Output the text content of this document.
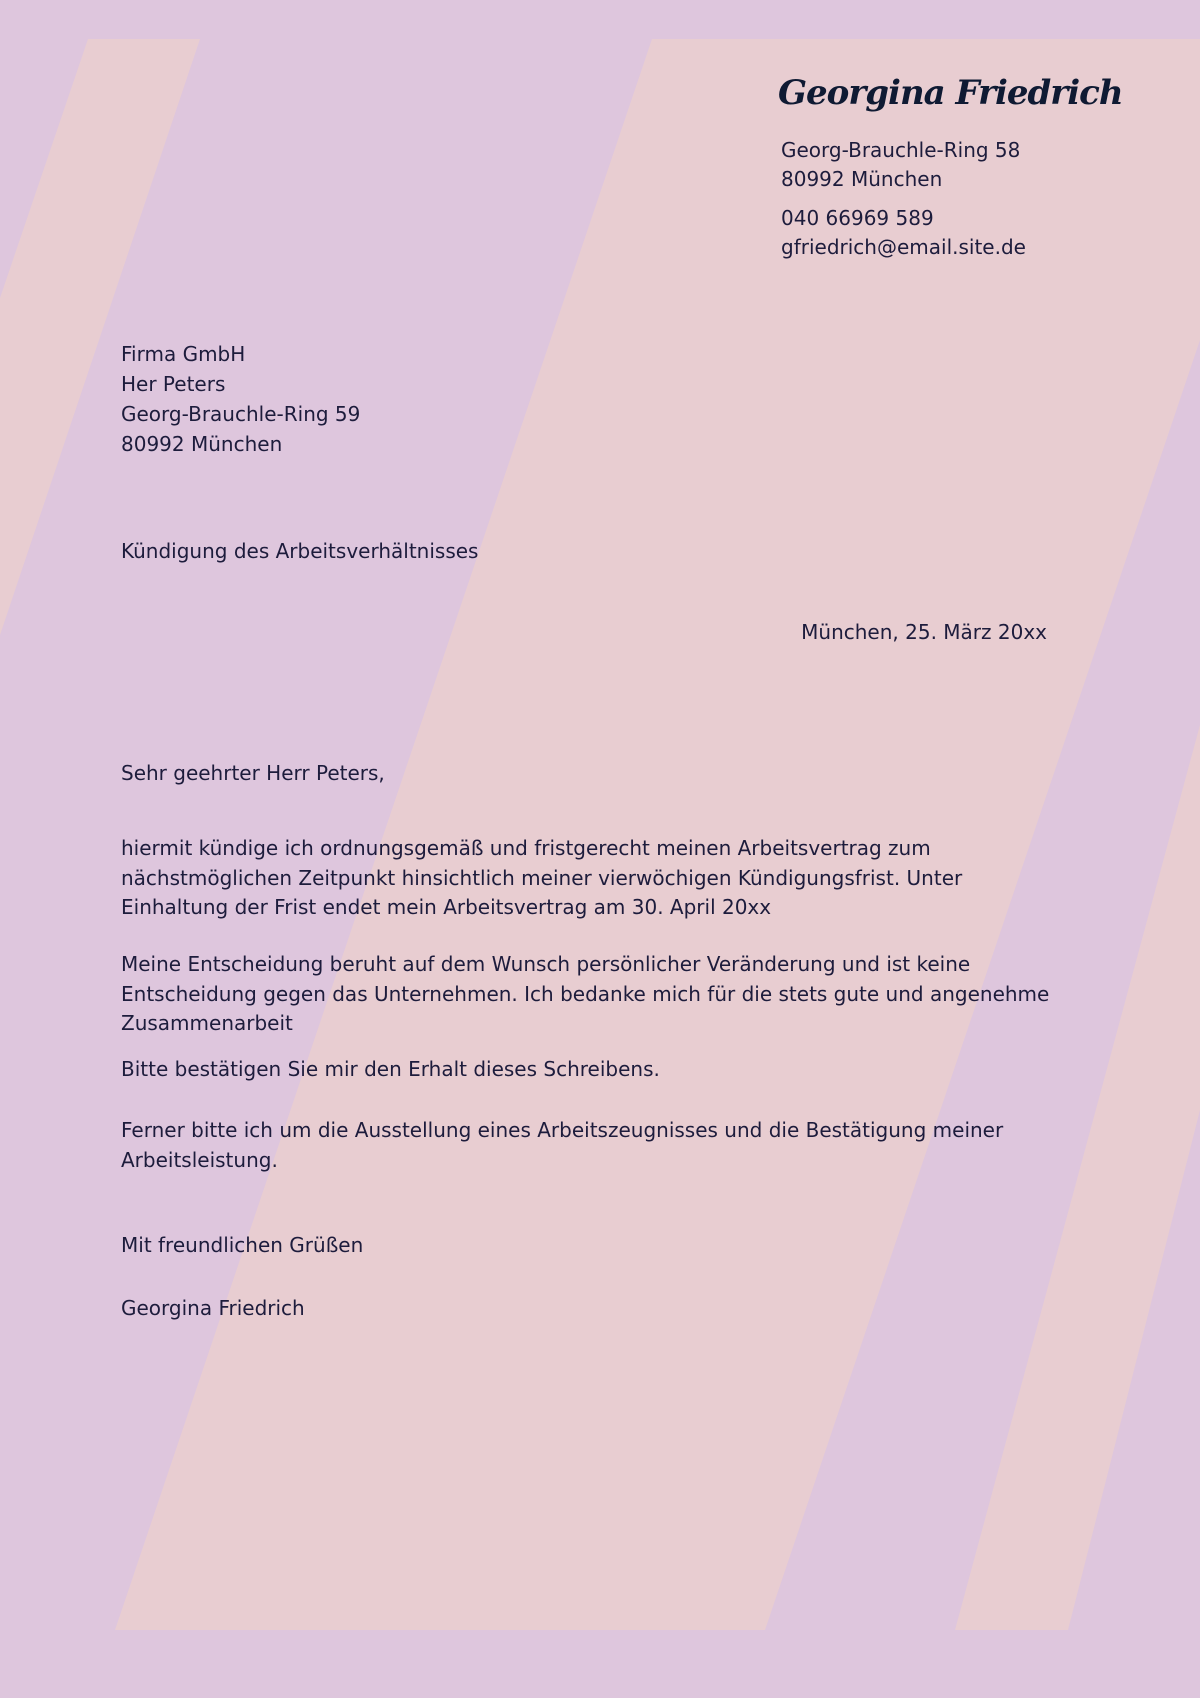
Georgina Friedrich

Georg-Brauchle-Ring 58

80992 München

040 66969 589

gfriedrich@email.site.de

Firma GmbH

Her Peters

Georg-Brauchle-Ring 59

80992 München

Kündigung des Arbeitsverhältnisses

München, 25. März 20xx

Sehr geehrter Herr Peters,

hiermit kündige ich ordnungsgemäß und fristgerecht meinen Arbeitsvertrag zum nächstmöglichen Zeitpunkt hinsichtlich meiner vierwöchigen Kündigungsfrist. Unter Einhaltung der Frist endet mein Arbeitsvertrag am 30. April 20xx

Meine Entscheidung beruht auf dem Wunsch persönlicher Veränderung und ist keine Entscheidung gegen das Unternehmen. Ich bedanke mich für die stets gute und angenehme Zusammenarbeit

Bitte bestätigen Sie mir den Erhalt dieses Schreibens.

Ferner bitte ich um die Ausstellung eines Arbeitszeugnisses und die Bestätigung meiner Arbeitsleistung.

Mit freundlichen Grüßen

Georgina Friedrich
